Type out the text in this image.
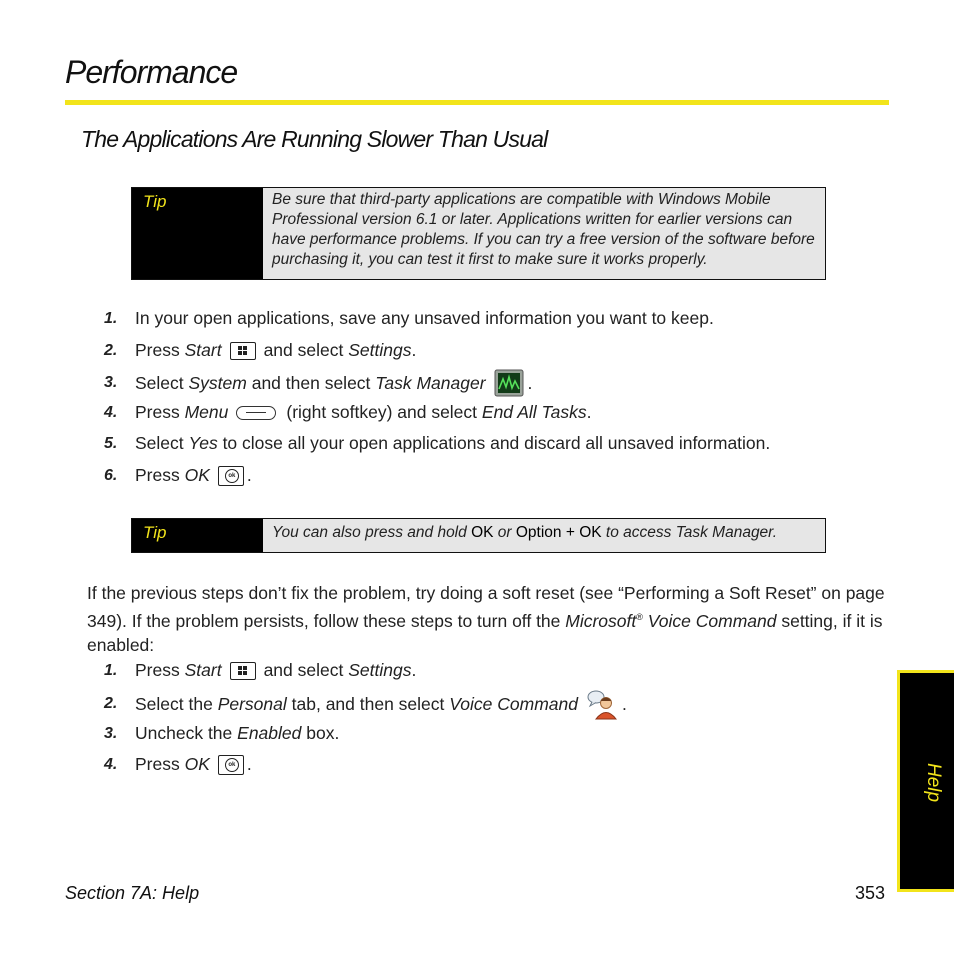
Performance
The Applications Are Running Slower Than Usual
Tip	Be sure that third-party applications are compatible with Windows Mobile Professional version 6.1 or later. Applications written for earlier versions can have performance problems. If you can try a free version of the software before purchasing it, you can test it first to make sure it works properly.
1.	In your open applications, save any unsaved information you want to keep.
2.	Press Start and select Settings .
3.	Select System and then select Task Manager .
4.	Press Menu	(right softkey) and select End All Tasks .
5.	Select Yes to close all your open applications and discard all unsaved information.
6.	Press OK	ok .
Tip	You can also press and hold OK or Option + OK to access Task Manager.
If the previous steps don’t fix the problem, try doing a soft reset (see “Performing a Soft Reset” on page 349). If the problem persists, follow these steps to turn off the Microsoft® Voice Command setting, if it is enabled:
1.	Press Start and select Settings .
2.	Select the Personal tab, and then select Voice Command	.
3.	Uncheck the Enabled box.
4.	Press OK	ok .	Help
Section 7A: Help	353
